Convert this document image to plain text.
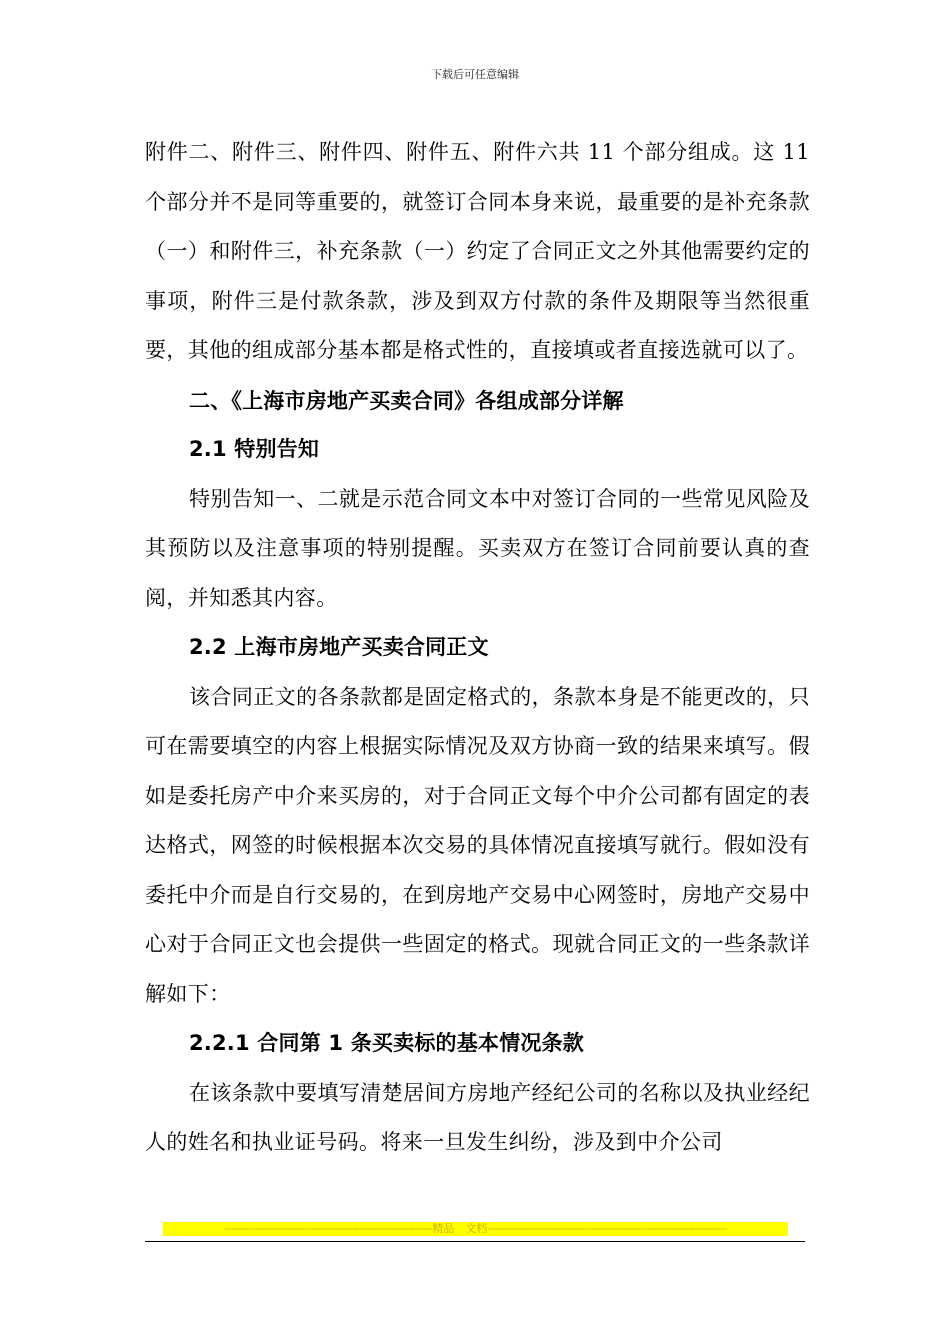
下载后可任意编辑

附件二、附件三、附件四、附件五、附件六共 11 个部分组成。这 11 个部分并不是同等重要的，就签订合同本身来说，最重要的是补充条款（一）和附件三，补充条款（一）约定了合同正文之外其他需要约定的事项，附件三是付款条款，涉及到双方付款的条件及期限等当然很重要，其他的组成部分基本都是格式性的，直接填或者直接选就可以了。

二、《上海市房地产买卖合同》各组成部分详解

2.1 特别告知

特别告知一、二就是示范合同文本中对签订合同的一些常见风险及其预防以及注意事项的特别提醒。买卖双方在签订合同前要认真的查阅，并知悉其内容。

2.2 上海市房地产买卖合同正文

该合同正文的各条款都是固定格式的，条款本身是不能更改的，只可在需要填空的内容上根据实际情况及双方协商一致的结果来填写。假如是委托房产中介来买房的，对于合同正文每个中介公司都有固定的表达格式，网签的时候根据本次交易的具体情况直接填写就行。假如没有委托中介而是自行交易的，在到房地产交易中心网签时，房地产交易中心对于合同正文也会提供一些固定的格式。现就合同正文的一些条款详解如下：

2.2.1 合同第 1 条买卖标的基本情况条款

在该条款中要填写清楚居间方房地产经纪公司的名称以及执业经纪人的姓名和执业证号码。将来一旦发生纠纷，涉及到中介公司

------------------------------------------------------------精品　文档---------------------------------------------------------------------
